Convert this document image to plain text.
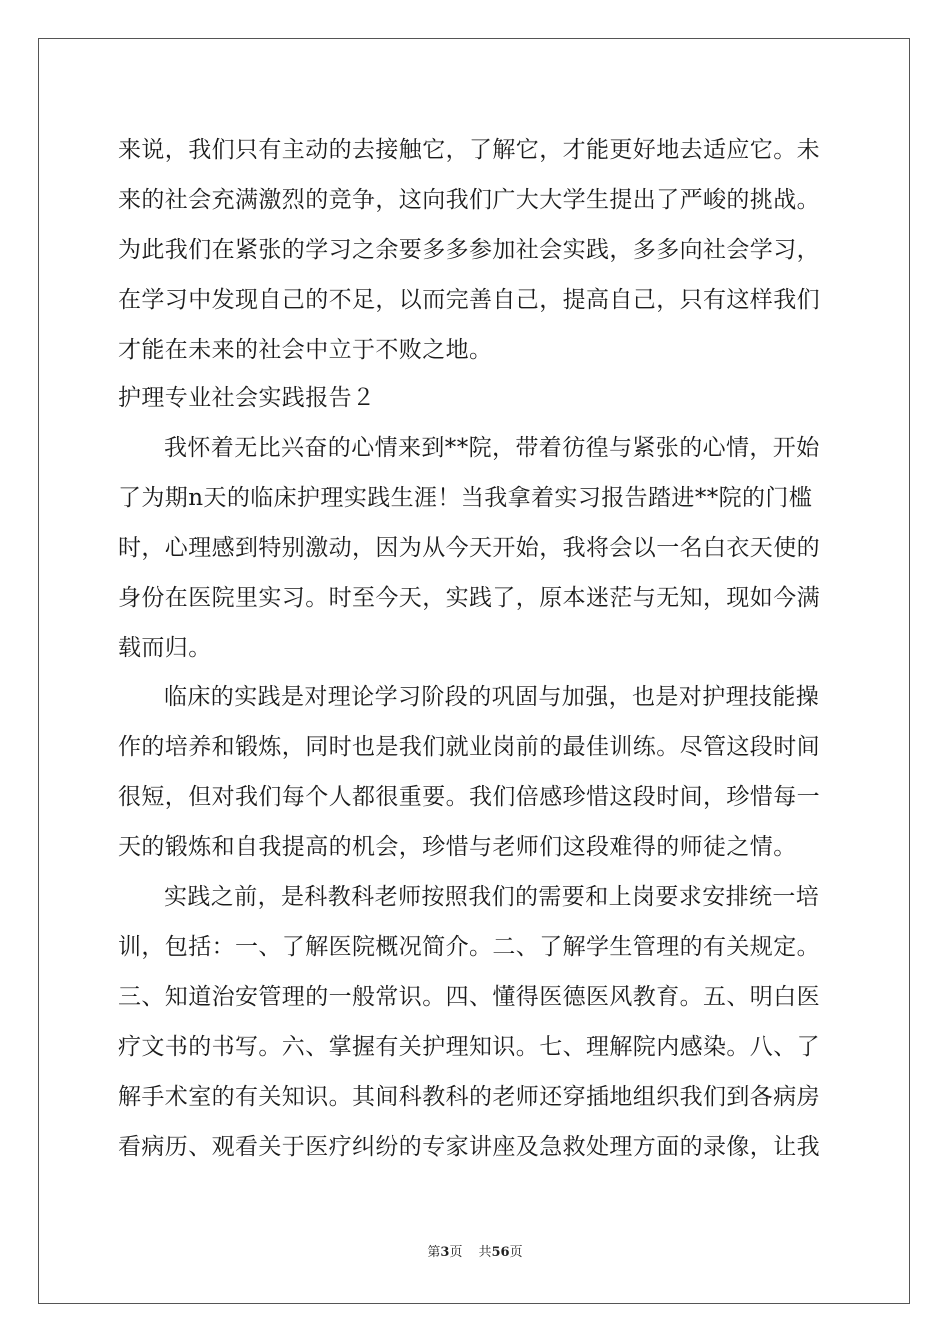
来说，我们只有主动的去接触它，了解它，才能更好地去适应它。未
来的社会充满激烈的竞争，这向我们广大大学生提出了严峻的挑战。
为此我们在紧张的学习之余要多多参加社会实践，多多向社会学习，
在学习中发现自己的不足，以而完善自己，提高自己，只有这样我们
才能在未来的社会中立于不败之地。
护理专业社会实践报告２
我怀着无比兴奋的心情来到**院，带着彷徨与紧张的心情，开始
了为期n天的临床护理实践生涯！当我拿着实习报告踏进**院的门槛
时，心理感到特别激动，因为从今天开始，我将会以一名白衣天使的
身份在医院里实习。时至今天，实践了，原本迷茫与无知，现如今满
载而归。
临床的实践是对理论学习阶段的巩固与加强，也是对护理技能操
作的培养和锻炼，同时也是我们就业岗前的最佳训练。尽管这段时间
很短，但对我们每个人都很重要。我们倍感珍惜这段时间，珍惜每一
天的锻炼和自我提高的机会，珍惜与老师们这段难得的师徒之情。
实践之前，是科教科老师按照我们的需要和上岗要求安排统一培
训，包括：一、了解医院概况简介。二、了解学生管理的有关规定。
三、知道治安管理的一般常识。四、懂得医德医风教育。五、明白医
疗文书的书写。六、掌握有关护理知识。七、理解院内感染。八、了
解手术室的有关知识。其间科教科的老师还穿插地组织我们到各病房
看病历、观看关于医疗纠纷的专家讲座及急救处理方面的录像，让我
第3页 共56页
